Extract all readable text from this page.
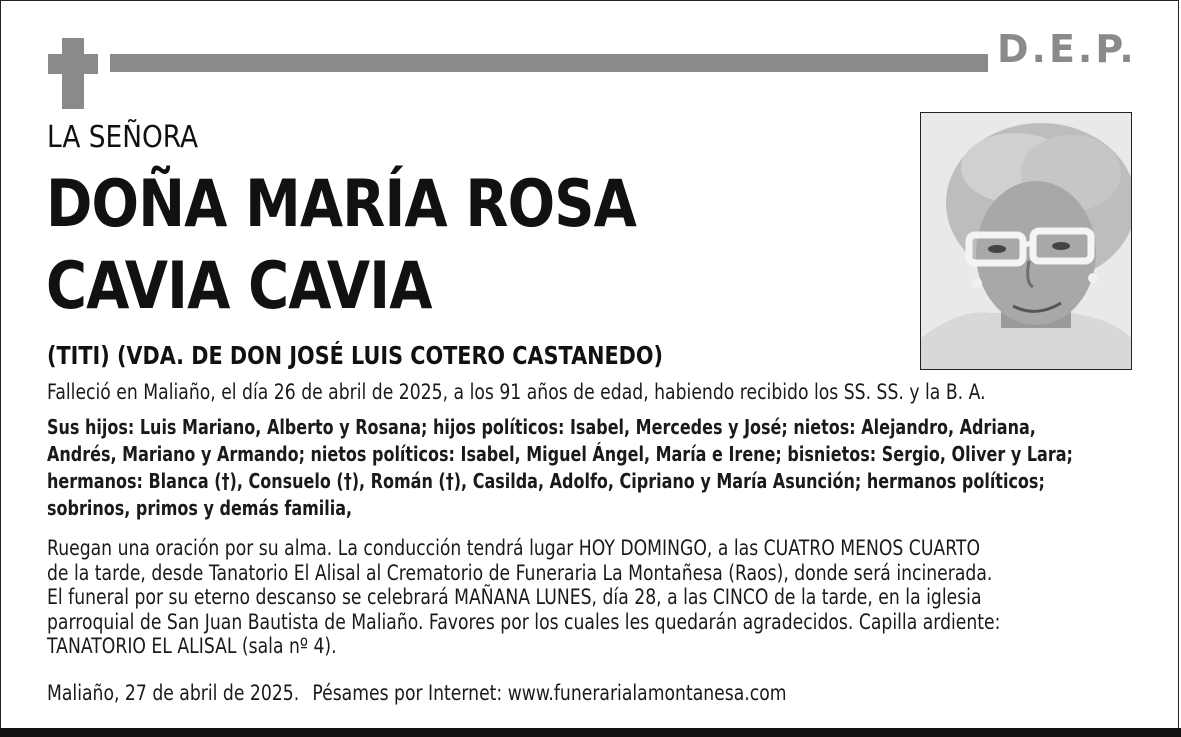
D.E.P.
LA SEÑORA
DOÑA MARÍA ROSA
CAVIA CAVIA
(TITI) (VDA. DE DON JOSÉ LUIS COTERO CASTANEDO)
Falleció en Maliaño, el día 26 de abril de 2025, a los 91 años de edad, habiendo recibido los SS. SS. y la B. A.
Sus hijos: Luis Mariano, Alberto y Rosana; hijos políticos: Isabel, Mercedes y José; nietos: Alejandro, Adriana,
Andrés, Mariano y Armando; nietos políticos: Isabel, Miguel Ángel, María e Irene; bisnietos: Sergio, Oliver y Lara;
hermanos: Blanca (†), Consuelo (†), Román (†), Casilda, Adolfo, Cipriano y María Asunción; hermanos políticos;
sobrinos, primos y demás familia,
Ruegan una oración por su alma. La conducción tendrá lugar HOY DOMINGO, a las CUATRO MENOS CUARTO
de la tarde, desde Tanatorio El Alisal al Crematorio de Funeraria La Montañesa (Raos), donde será incinerada.
El funeral por su eterno descanso se celebrará MAÑANA LUNES, día 28, a las CINCO de la tarde, en la iglesia
parroquial de San Juan Bautista de Maliaño. Favores por los cuales les quedarán agradecidos. Capilla ardiente:
TANATORIO EL ALISAL (sala nº 4).
Maliaño, 27 de abril de 2025. Pésames por Internet: www.funerarialamontanesa.com
